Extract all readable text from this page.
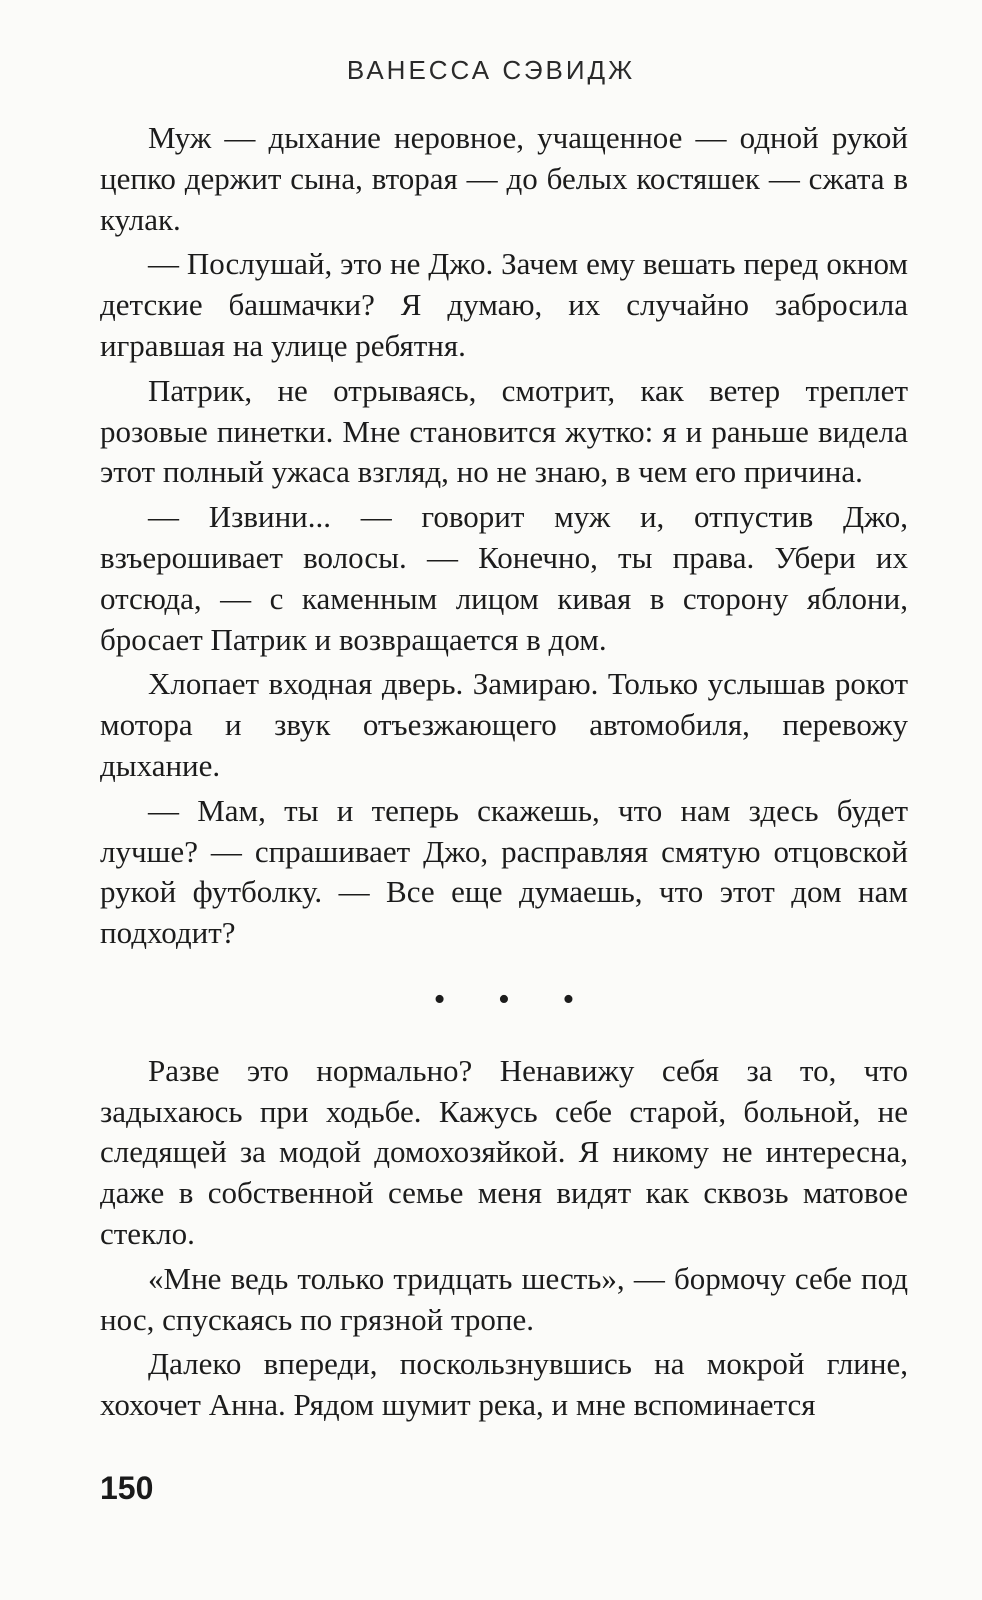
ВАНЕССА СЭВИДЖ

Муж — дыхание неровное, учащенное — одной рукой цепко держит сына, вторая — до белых костяшек — сжата в кулак.

— Послушай, это не Джо. Зачем ему вешать перед окном детские башмачки? Я думаю, их случайно забросила игравшая на улице ребятня.

Патрик, не отрываясь, смотрит, как ветер треплет розовые пинетки. Мне становится жутко: я и раньше видела этот полный ужаса взгляд, но не знаю, в чем его причина.

— Извини... — говорит муж и, отпустив Джо, взъерошивает волосы. — Конечно, ты права. Убери их отсюда, — с каменным лицом кивая в сторону яблони, бросает Патрик и возвращается в дом.

Хлопает входная дверь. Замираю. Только услышав рокот мотора и звук отъезжающего автомобиля, перевожу дыхание.

— Мам, ты и теперь скажешь, что нам здесь будет лучше? — спрашивает Джо, расправляя смятую отцовской рукой футболку. — Все еще думаешь, что этот дом нам подходит?

• • •

Разве это нормально? Ненавижу себя за то, что задыхаюсь при ходьбе. Кажусь себе старой, больной, не следящей за модой домохозяйкой. Я никому не интересна, даже в собственной семье меня видят как сквозь матовое стекло.

«Мне ведь только тридцать шесть», — бормочу себе под нос, спускаясь по грязной тропе.

Далеко впереди, поскользнувшись на мокрой глине, хохочет Анна. Рядом шумит река, и мне вспоминается

150
